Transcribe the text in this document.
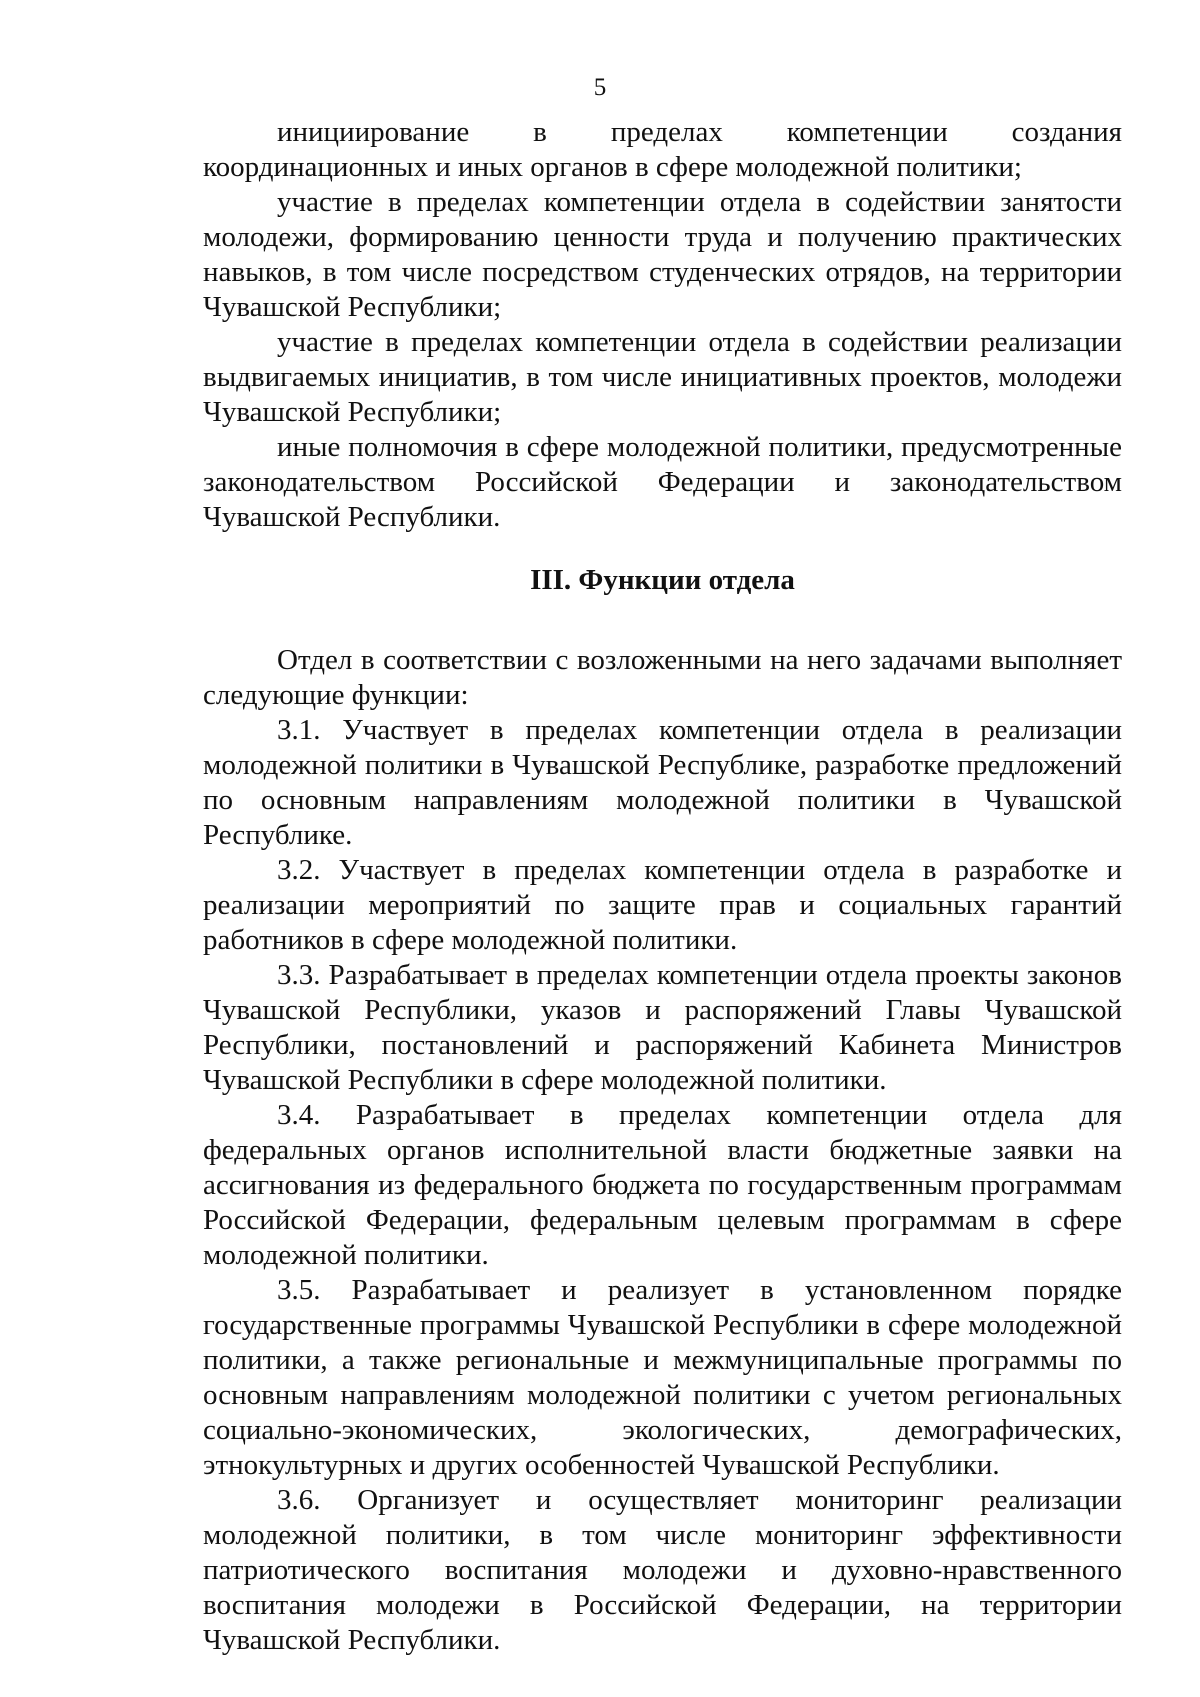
5

инициирование в пределах компетенции создания координационных и иных органов в сфере молодежной политики;

участие в пределах компетенции отдела в содействии занятости молодежи, формированию ценности труда и получению практических навыков, в том числе посредством студенческих отрядов, на территории Чувашской Республики;

участие в пределах компетенции отдела в содействии реализации выдвигаемых инициатив, в том числе инициативных проектов, молодежи Чувашской Республики;

иные полномочия в сфере молодежной политики, предусмотренные законодательством Российской Федерации и законодательством Чувашской Республики.

III. Функции отдела

Отдел в соответствии с возложенными на него задачами выполняет следующие функции:

3.1. Участвует в пределах компетенции отдела в реализации молодежной политики в Чувашской Республике, разработке предложений по основным направлениям молодежной политики в Чувашской Республике.

3.2. Участвует в пределах компетенции отдела в разработке и реализации мероприятий по защите прав и социальных гарантий работников в сфере молодежной политики.

3.3. Разрабатывает в пределах компетенции отдела проекты законов Чувашской Республики, указов и распоряжений Главы Чувашской Республики, постановлений и распоряжений Кабинета Министров Чувашской Республики в сфере молодежной политики.

3.4. Разрабатывает в пределах компетенции отдела для федеральных органов исполнительной власти бюджетные заявки на ассигнования из федерального бюджета по государственным программам Российской Федерации, федеральным целевым программам в сфере молодежной политики.

3.5. Разрабатывает и реализует в установленном порядке государственные программы Чувашской Республики в сфере молодежной политики, а также региональные и межмуниципальные программы по основным направлениям молодежной политики с учетом региональных социально-экономических, экологических, демографических, этнокультурных и других особенностей Чувашской Республики.

3.6. Организует и осуществляет мониторинг реализации молодежной политики, в том числе мониторинг эффективности патриотического воспитания молодежи и духовно-нравственного воспитания молодежи в Российской Федерации, на территории Чувашской Республики.
